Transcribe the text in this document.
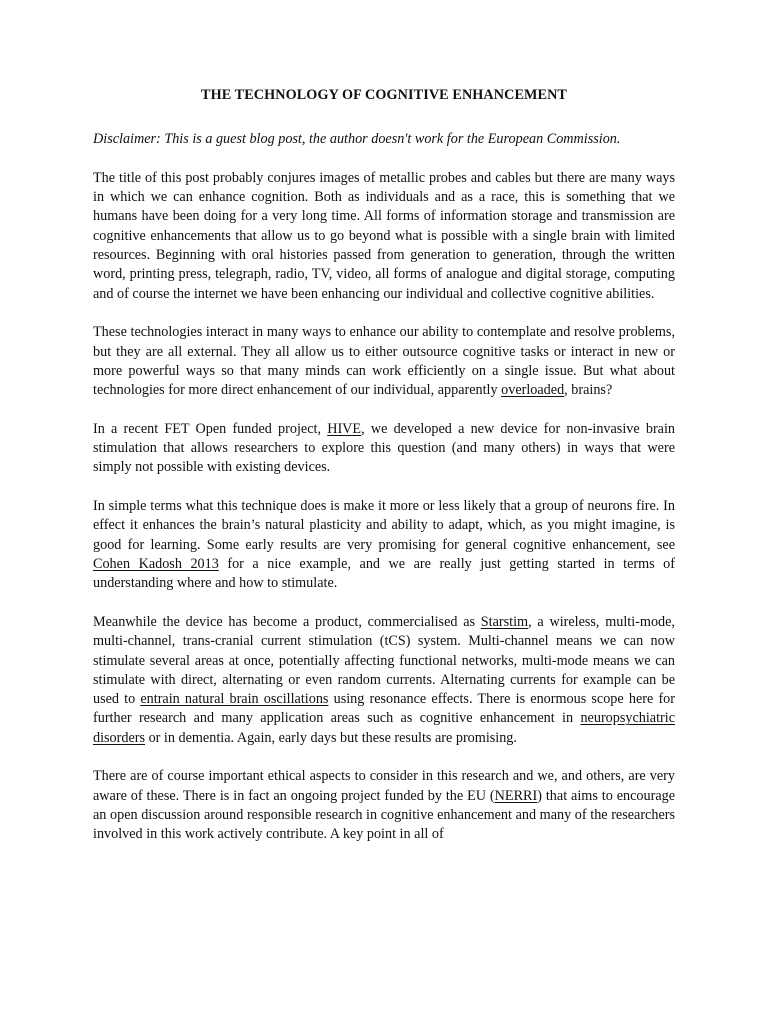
THE TECHNOLOGY OF COGNITIVE ENHANCEMENT

Disclaimer: This is a guest blog post, the author doesn't work for the European Commission.

The title of this post probably conjures images of metallic probes and cables but there are many ways in which we can enhance cognition. Both as individuals and as a race, this is something that we humans have been doing for a very long time. All forms of information storage and transmission are cognitive enhancements that allow us to go beyond what is possible with a single brain with limited resources. Beginning with oral histories passed from generation to generation, through the written word, printing press, telegraph, radio, TV, video, all forms of analogue and digital storage, computing and of course the internet we have been enhancing our individual and collective cognitive abilities.

These technologies interact in many ways to enhance our ability to contemplate and resolve problems, but they are all external. They all allow us to either outsource cognitive tasks or interact in new or more powerful ways so that many minds can work efficiently on a single issue. But what about technologies for more direct enhancement of our individual, apparently overloaded, brains?

In a recent FET Open funded project, HIVE, we developed a new device for non-invasive brain stimulation that allows researchers to explore this question (and many others) in ways that were simply not possible with existing devices.

In simple terms what this technique does is make it more or less likely that a group of neurons fire. In effect it enhances the brain’s natural plasticity and ability to adapt, which, as you might imagine, is good for learning. Some early results are very promising for general cognitive enhancement, see Cohen Kadosh 2013 for a nice example, and we are really just getting started in terms of understanding where and how to stimulate.

Meanwhile the device has become a product, commercialised as Starstim, a wireless, multi-mode, multi-channel, trans-cranial current stimulation (tCS) system. Multi-channel means we can now stimulate several areas at once, potentially affecting functional networks, multi-mode means we can stimulate with direct, alternating or even random currents. Alternating currents for example can be used to entrain natural brain oscillations using resonance effects. There is enormous scope here for further research and many application areas such as cognitive enhancement in neuropsychiatric disorders or in dementia. Again, early days but these results are promising.

There are of course important ethical aspects to consider in this research and we, and others, are very aware of these. There is in fact an ongoing project funded by the EU (NERRI) that aims to encourage an open discussion around responsible research in cognitive enhancement and many of the researchers involved in this work actively contribute. A key point in all of
